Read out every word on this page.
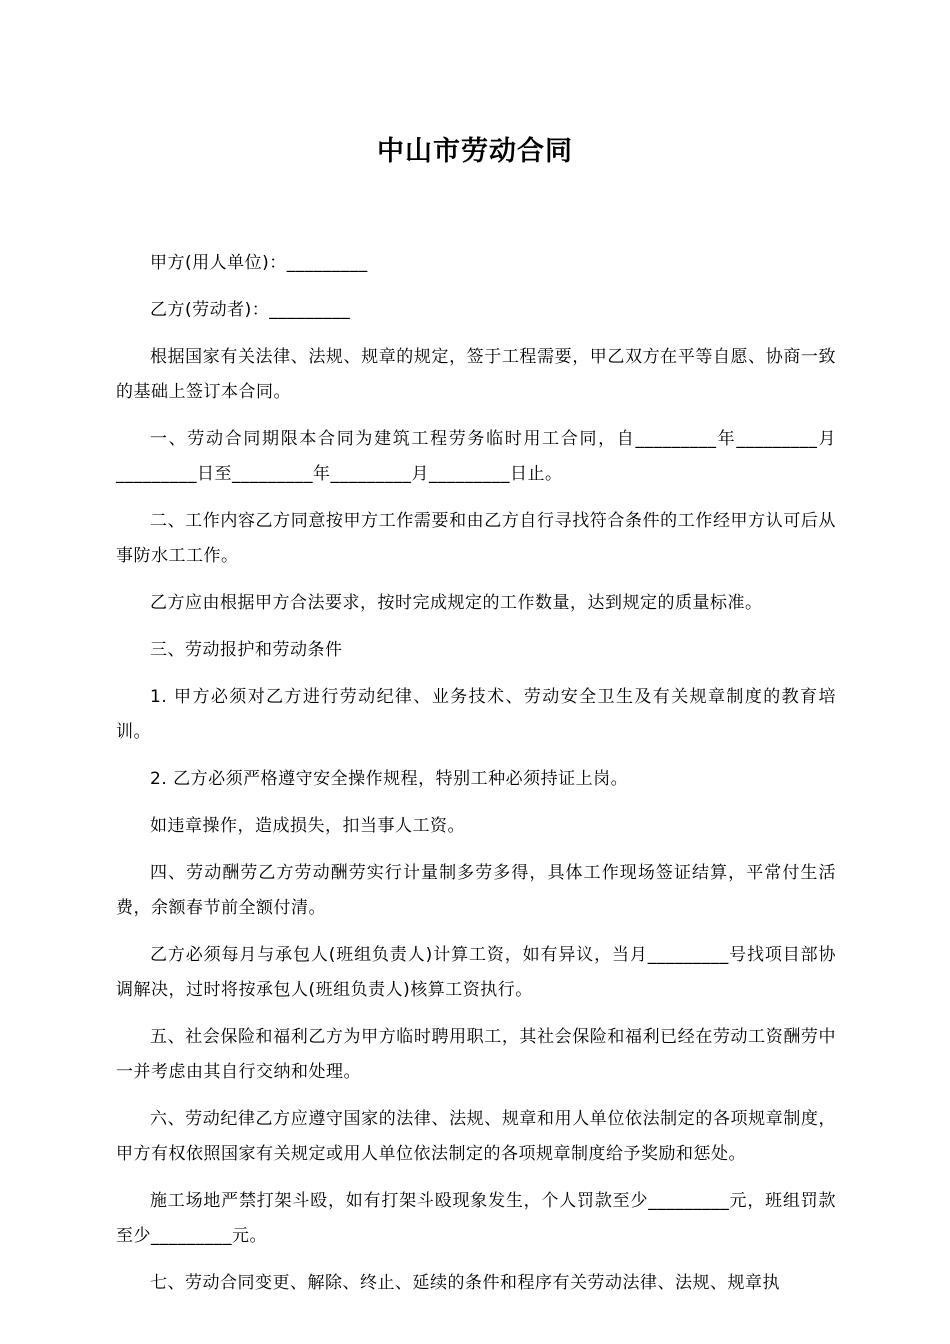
中山市劳动合同

甲方(用人单位)：_________

乙方(劳动者)：_________

根据国家有关法律、法规、规章的规定，签于工程需要，甲乙双方在平等自愿、协商一致的基础上签订本合同。

一、劳动合同期限本合同为建筑工程劳务临时用工合同，自_________年_________月_________日至_________年_________月_________日止。

二、工作内容乙方同意按甲方工作需要和由乙方自行寻找符合条件的工作经甲方认可后从事防水工工作。

乙方应由根据甲方合法要求，按时完成规定的工作数量，达到规定的质量标准。

三、劳动报护和劳动条件

1. 甲方必须对乙方进行劳动纪律、业务技术、劳动安全卫生及有关规章制度的教育培训。

2. 乙方必须严格遵守安全操作规程，特别工种必须持证上岗。

如违章操作，造成损失，扣当事人工资。

四、劳动酬劳乙方劳动酬劳实行计量制多劳多得，具体工作现场签证结算，平常付生活费，余额春节前全额付清。

乙方必须每月与承包人(班组负责人)计算工资，如有异议，当月_________号找项目部协调解决，过时将按承包人(班组负责人)核算工资执行。

五、社会保险和福利乙方为甲方临时聘用职工，其社会保险和福利已经在劳动工资酬劳中一并考虑由其自行交纳和处理。

六、劳动纪律乙方应遵守国家的法律、法规、规章和用人单位依法制定的各项规章制度，甲方有权依照国家有关规定或用人单位依法制定的各项规章制度给予奖励和惩处。

施工场地严禁打架斗殴，如有打架斗殴现象发生，个人罚款至少_________元，班组罚款至少_________元。

七、劳动合同变更、解除、终止、延续的条件和程序有关劳动法律、法规、规章执
